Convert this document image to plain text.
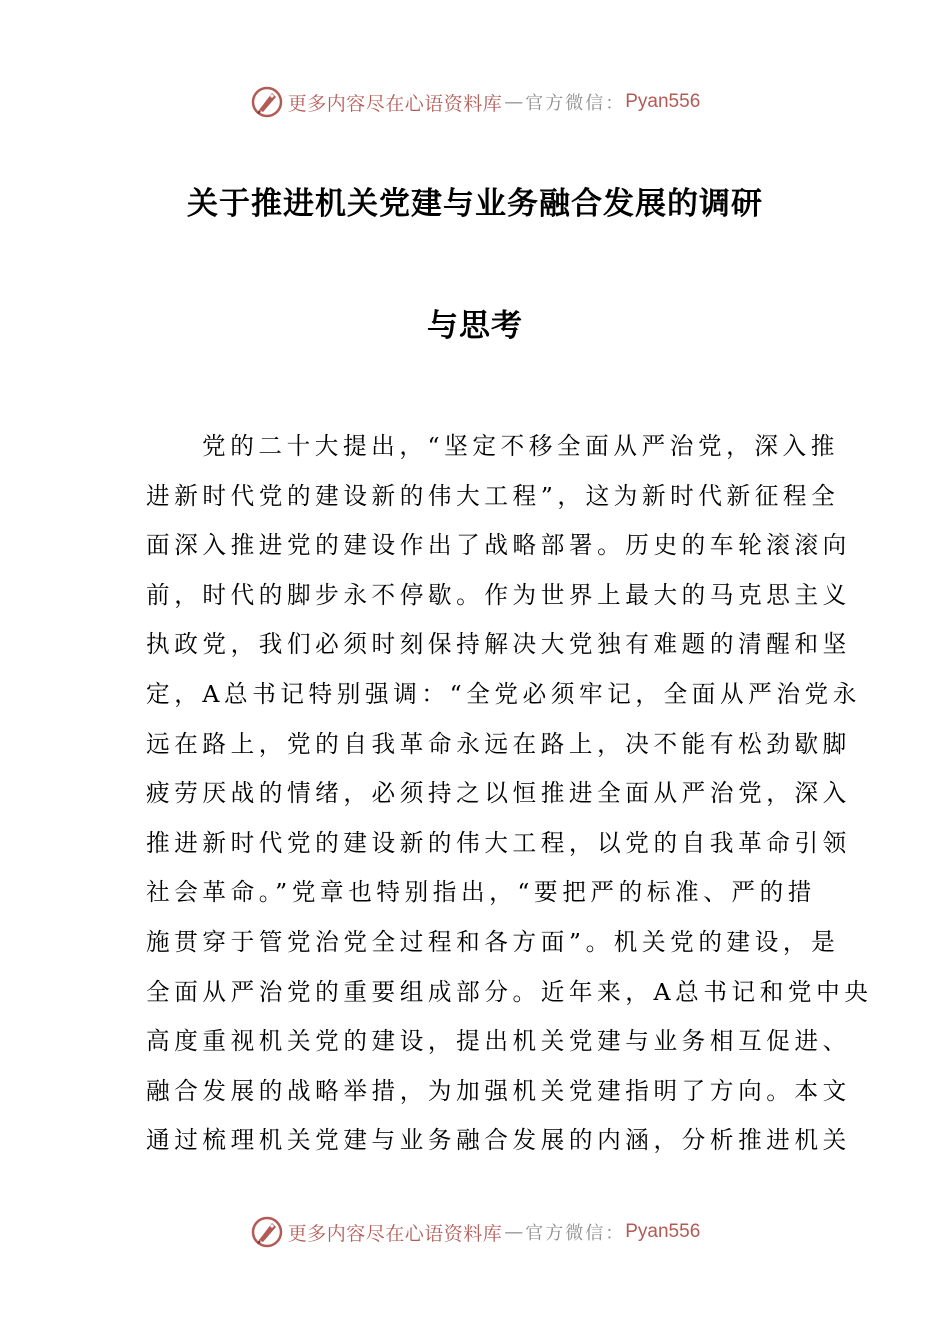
更多内容尽在心语资料库 — 官方微信： Pyan556
关于推进机关党建与业务融合发展的调研
与思考
党的二十大提出，“坚定不移全面从严治党，深入推
进新时代党的建设新的伟大工程”，这为新时代新征程全
面深入推进党的建设作出了战略部署。历史的车轮滚滚向
前，时代的脚步永不停歇。作为世界上最大的马克思主义
执政党，我们必须时刻保持解决大党独有难题的清醒和坚
定，A总书记特别强调：“全党必须牢记，全面从严治党永
远在路上，党的自我革命永远在路上，决不能有松劲歇脚
疲劳厌战的情绪，必须持之以恒推进全面从严治党，深入
推进新时代党的建设新的伟大工程，以党的自我革命引领
社会革命。”党章也特别指出，“要把严的标准、严的措
施贯穿于管党治党全过程和各方面”。机关党的建设，是
全面从严治党的重要组成部分。近年来，A总书记和党中央
高度重视机关党的建设，提出机关党建与业务相互促进、
融合发展的战略举措，为加强机关党建指明了方向。本文
通过梳理机关党建与业务融合发展的内涵，分析推进机关
更多内容尽在心语资料库 — 官方微信： Pyan556
